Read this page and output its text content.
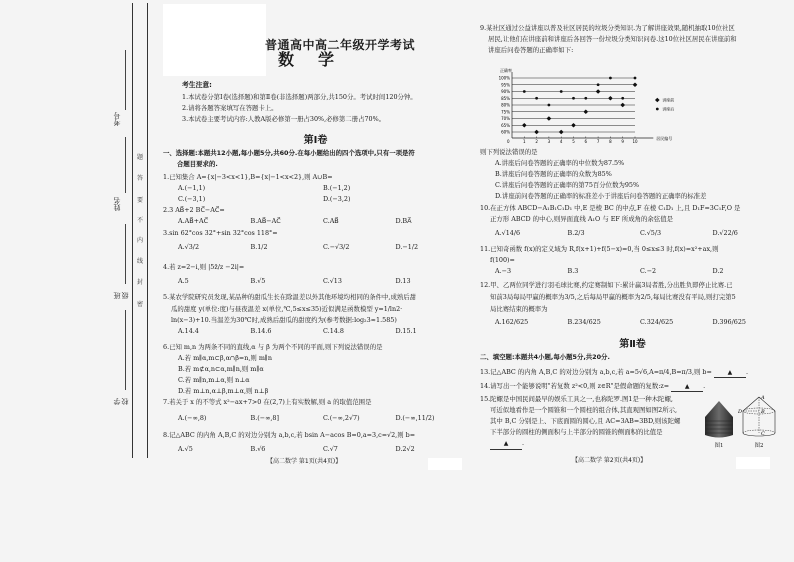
考号
姓名
班级
学校
密
封
线
内
不
要
答
题
普通高中高二年级开学考试
数学
考生注意:
1.本试卷分第Ⅰ卷(选择题)和第Ⅱ卷(非选择题)两部分,共150分。考试时间120分钟。
2.请将各题答案填写在答题卡上。
3.本试卷主要考试内容:人教A版必修第一册占30%,必修第二册占70%。
第Ⅰ卷
一、选择题:本题共12小题,每小题5分,共60分.在每小题给出的四个选项中,只有一项是符
合题目要求的.
1.已知集合 A={x|−3<x<1},B={x|−1<x<2},则 A∪B=
A.(−1,1)	B.(−1,2)
C.(−3,1)	D.(−3,2)
2.3 AB⃗+2 BC⃗−AC⃗=
A.AB⃗+AC⃗	B.AB⃗−AC⃗	C.AB⃗	D.BA⃗
3.sin 62°cos 32°+sin 32°cos 118°=
A.√3/2	B.1/2	C.−√3/2	D.−1/2
4.若 z=2−i,则 |5z̄/z −2i|=
A.5	B.√5	C.√13	D.13
5.某农学院研究员发现,某品种的甜瓜生长在除温差以外其他环境均相同的条件中,成熟后甜
瓜的甜度 y(单位:度)与昼夜温差 x(单位,℃,5≤x≤35)近似满足函数模型 y=1/ln2·
ln(x−3)+10.当温差为30℃时,成熟后甜瓜的甜度约为(参考数据:log₂3≈1.585)
A.14.4	B.14.6	C.14.8	D.15.1
6.已知 m,n 为两条不同的直线,α 与 β 为两个不同的平面,则下列说法错误的是
A.若 m∥α,m⊂β,α∩β=n,则 m∥n
B.若 m⊄α,n⊂α,m∥n,则 m∥α
C.若 m∥n,m⊥α,则 n⊥α
D.若 m⊥n,α⊥β,m⊥α,则 n⊥β
7.若关于 x 的不等式 x²−ax+7>0 在(2,7)上有实数解,则 a 的取值范围是
A.(−∞,8)	B.(−∞,8]	C.(−∞,2√7)	D.(−∞,11/2)
8.记△ABC 的内角 A,B,C 的对边分别为 a,b,c,若 bsin A−acos B=0,a=3,c=√2,则 b=
A.√5	B.√6	C.√7	D.2√2
【高二数学 第1页(共4页)】
9.某社区通过公益讲座以普及社区居民的垃圾分类知识.为了解讲座效果,随机抽取10位社区
居民,让他们在讲座前和讲座后各回答一份垃圾分类知识问卷.这10位社区居民在讲座前和
讲座后问卷答题的正确率如下:
正确率
居民编号
0
60%
65%
70%
75%
80%
85%
90%
95%
100%
1 2 3 4 5 6 7 8 9 10
讲座前
讲座后
则下列说法错误的是
A.讲座后问卷答题的正确率的中位数为87.5%
B.讲座后问卷答题的正确率的众数为85%
C.讲座后问卷答题的正确率的第75百分位数为95%
D.讲座前问卷答题的正确率的标准差小于讲座后问卷答题的正确率的标准差
10.在正方体 ABCD−A₁B₁C₁D₁ 中,E 是棱 BC 的中点,F 在棱 C₁D₁ 上,且 D₁F=3C₁F,O 是
正方形 ABCD 的中心,则异面直线 A₁O 与 EF 所成角的余弦值是
A.√14/6	B.2/3	C.√5/3	D.√22/6
11.已知奇函数 f(x)的定义域为 R,f(x+1)+f(5−x)=0,当 0≤x≤3 时,f(x)=x²+ax,则
f(100)=
A.−3	B.3	C.−2	D.2
12.甲、乙两位同学进行羽毛球比赛,约定赛制如下:累计赢3局者胜,分出胜负即停止比赛.已
知前3局每局甲赢的概率为3/5,之后每局甲赢的概率为2/5,每局比赛没有平局,则打完第5
局比赛结束的概率为
A.162/625	B.234/625	C.324/625	D.396/625
第Ⅱ卷
二、填空题:本题共4小题,每小题5分,共20分.
13.记△ABC 的内角 A,B,C 的对边分别为 a,b,c,若 a=5√6,A=π/4,B=π/3,则 b=	▲ .
14.请写出一个能够说明"若复数 z²<0,则 z∈R"是假命题的复数:z=	▲ .
15.陀螺是中国民间最早的娱乐工具之一,也称陀罗.图1是一种木陀螺,
可近似地看作是一个圆锥和一个圆柱的组合体,其直观图如图2所示,
其中 B,C 分别是上、下底面圆的圆心,且 AC=3AB=3BD,则该陀螺
下半部分的圆柱的侧面积与上半部分的圆锥的侧面积的比值是
▲ .	图1
A
B
C
D
图2
【高二数学 第2页(共4页)】
